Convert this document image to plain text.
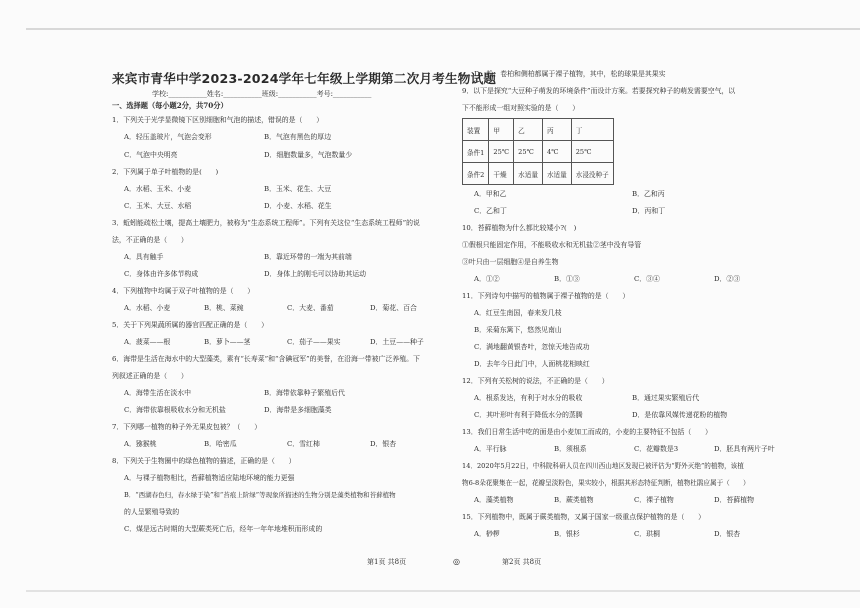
来宾市青华中学2023-2024学年七年级上学期第二次月考生物试题
学校:___________姓名:___________班级:___________考号:___________
一、选择题（每小题2分，共70分）
1．下列关于光学显微镜下区别细胞和气泡的描述，错误的是（　　）
A．轻压盖玻片，气泡会变形	B．气泡有黑色的厚边
C．气泡中央明亮	D．细胞数量多，气泡数量少
2．下列属于单子叶植物的是(　　)
A．水稻、玉米、小麦	B．玉米、花生、大豆
C．玉米、大豆、水稻	D．小麦、水稻、花生
3．蚯蚓能疏松土壤，提高土壤肥力，被称为“生态系统工程师”。下列有关这位“生态系统工程师”的说
法，不正确的是（　　）
A．具有触手	B．靠近环带的一端为其前端
C．身体由许多体节构成	D．身体上的刚毛可以协助其运动
4．下列植物中均属于双子叶植物的是（　　）
A．水稻、小麦	B．桃、菜豌	C．大麦、番茄	D．菊花、百合
5．关于下列果蔬所属的器官匹配正确的是（　　）
A．菠菜——根	B．萝卜——茎	C．茄子——果实	D．土豆——种子
6．海带是生活在海水中的大型藻类，素有“长寿菜”和“含碘冠军”的美誉，在沿海一带被广泛养殖。下
列叙述正确的是（　　）
A．海带生活在淡水中	B．海带依靠种子繁殖后代
C．海带依靠根吸收水分和无机盐	D．海带是多细胞藻类
7．下列哪一植物的种子外无果皮包被？（　　）
A．猕猴桃	B．哈密瓜	C．雪红柿	D．银杏
8．下列关于生物圈中的绿色植物的描述，正确的是（　　）
A．与裸子植物相比，苔藓植物适应陆地环境的能力更强
B．“西湖春色归，春水绿于染”和“苔痕上阶绿”等现象所描述的生物分别是藻类植物和苔藓植物
的人呈繁殖导致的
C．煤是远古时期的大型蕨类死亡后，经年一年年地堆积而形成的
第1页 共8页	◎
D．松、卷柏和侧柏都属于裸子植物，其中，松的球果是其果实
9．以下是探究“大豆种子萌发的环境条件”而设计方案。若要探究种子的萌发需要空气，以
下不能形成一组对照实验的是（　　）
装置	甲	乙	丙	丁
条件1	25℃	25℃	4℃	25℃
条件2	干燥	水适量	水适量	水浸没种子
A．甲和乙	B．乙和丙
C．乙和丁	D．丙和丁
10．苔藓植物为什么都比较矮小?(　)
①假根只能固定作用，不能吸收水和无机盐②茎中没有导管
③叶只由一层细胞④是自养生物
A．①②	B．①③	C．③④	D．②③
11．下列诗句中描写的植物属于裸子植物的是（　　）
A．红豆生南国，春来发几枝
B．采菊东篱下，悠然见南山
C．满地翻黄银杏叶，忽惊天地告成功
D．去年今日此门中，人面桃花相映红
12．下列有关松树的说法，不正确的是（　　）
A．根系发达，有利于对水分的吸收	B．通过果实繁殖后代
C．其叶形叶有利于降低水分的蒸腾	D．是依靠风媒传递花粉的植物
13．我们日常生活中吃的面是由小麦加工而成的，小麦的主要特征不包括（　　）
A．平行脉	B．须根系	C．花瓣数是3	D．胚具有两片子叶
14．2020年5月22日，中科院科研人员在四川西山地区发现已被评估为“野外灭绝”的植物，该植
物6-8朵花聚集在一起，花瓣呈淡粉色，果实较小，根据其形态特征判断，植物杜鹃应属于（　　）
A．藻类植物	B．蕨类植物	C．裸子植物	D．苔藓植物
15．下列植物中，既属于蕨类植物，又属于国家一级重点保护植物的是（　　）
A．桫椤	B．银杉	C．珙桐	D．银杏
第2页 共8页
